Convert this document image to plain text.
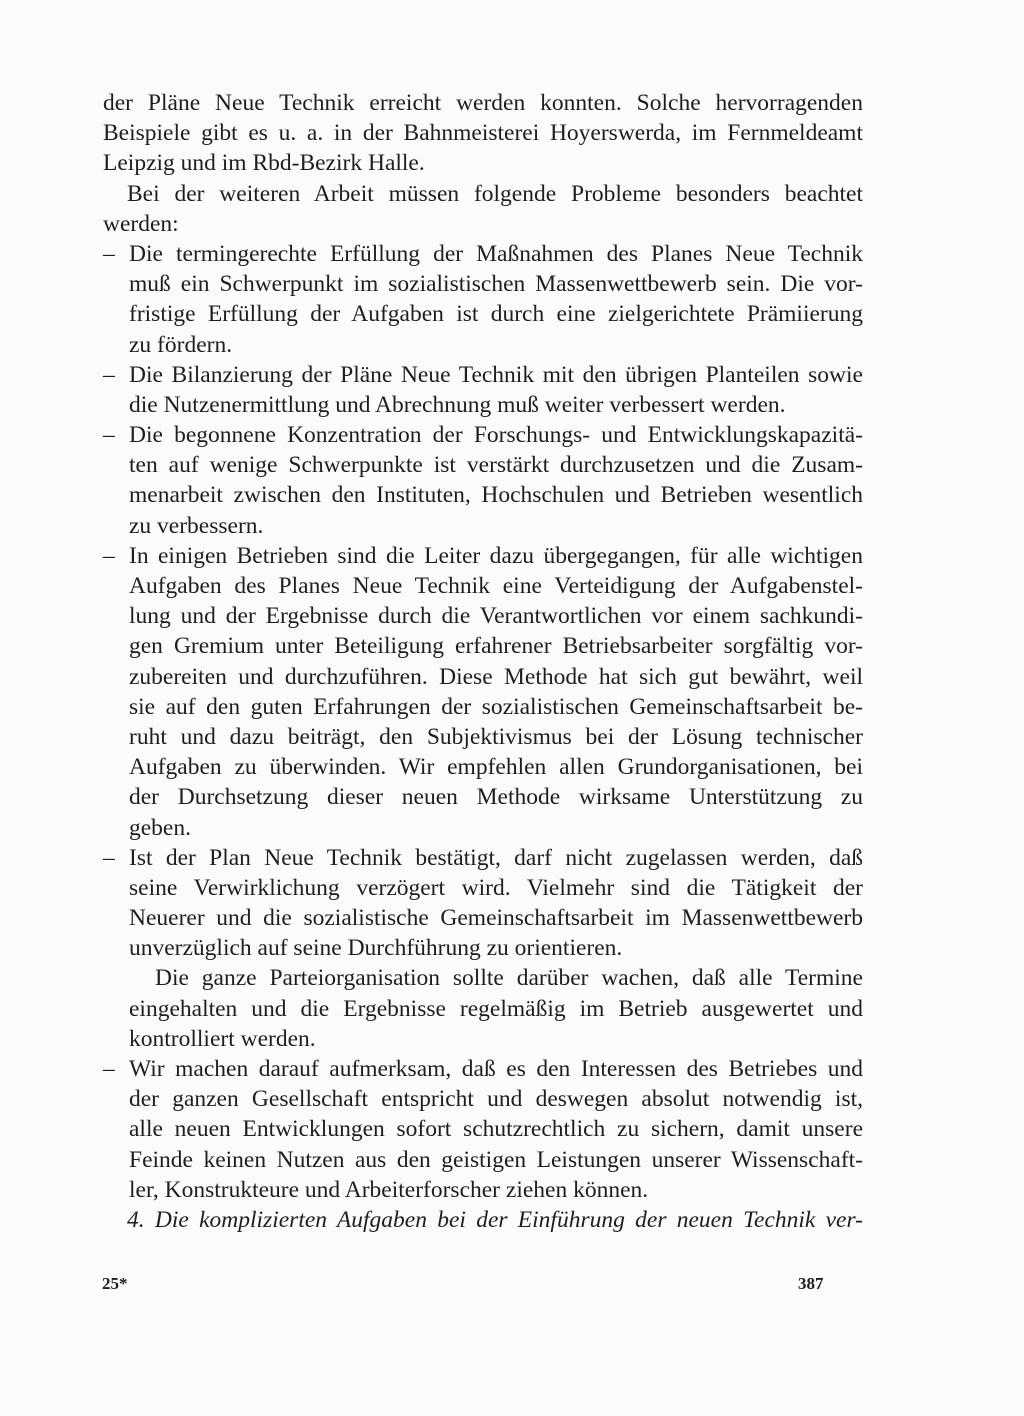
der Pläne Neue Technik erreicht werden konnten. Solche hervorragenden
Beispiele gibt es u. a. in der Bahnmeisterei Hoyerswerda, im Fernmeldeamt
Leipzig und im Rbd-Bezirk Halle.
Bei der weiteren Arbeit müssen folgende Probleme besonders beachtet
werden:
– Die termingerechte Erfüllung der Maßnahmen des Planes Neue Technik
muß ein Schwerpunkt im sozialistischen Massenwettbewerb sein. Die vor-
fristige Erfüllung der Aufgaben ist durch eine zielgerichtete Prämiierung
zu fördern.
– Die Bilanzierung der Pläne Neue Technik mit den übrigen Planteilen sowie
die Nutzenermittlung und Abrechnung muß weiter verbessert werden.
– Die begonnene Konzentration der Forschungs- und Entwicklungskapazitä-
ten auf wenige Schwerpunkte ist verstärkt durchzusetzen und die Zusam-
menarbeit zwischen den Instituten, Hochschulen und Betrieben wesentlich
zu verbessern.
– In einigen Betrieben sind die Leiter dazu übergegangen, für alle wichtigen
Aufgaben des Planes Neue Technik eine Verteidigung der Aufgabenstel-
lung und der Ergebnisse durch die Verantwortlichen vor einem sachkundi-
gen Gremium unter Beteiligung erfahrener Betriebsarbeiter sorgfältig vor-
zubereiten und durchzuführen. Diese Methode hat sich gut bewährt, weil
sie auf den guten Erfahrungen der sozialistischen Gemeinschaftsarbeit be-
ruht und dazu beiträgt, den Subjektivismus bei der Lösung technischer
Aufgaben zu überwinden. Wir empfehlen allen Grundorganisationen, bei
der Durchsetzung dieser neuen Methode wirksame Unterstützung zu
geben.
– Ist der Plan Neue Technik bestätigt, darf nicht zugelassen werden, daß
seine Verwirklichung verzögert wird. Vielmehr sind die Tätigkeit der
Neuerer und die sozialistische Gemeinschaftsarbeit im Massenwettbewerb
unverzüglich auf seine Durchführung zu orientieren.
Die ganze Parteiorganisation sollte darüber wachen, daß alle Termine
eingehalten und die Ergebnisse regelmäßig im Betrieb ausgewertet und
kontrolliert werden.
– Wir machen darauf aufmerksam, daß es den Interessen des Betriebes und
der ganzen Gesellschaft entspricht und deswegen absolut notwendig ist,
alle neuen Entwicklungen sofort schutzrechtlich zu sichern, damit unsere
Feinde keinen Nutzen aus den geistigen Leistungen unserer Wissenschaft-
ler, Konstrukteure und Arbeiterforscher ziehen können.
4. Die komplizierten Aufgaben bei der Einführung der neuen Technik ver-
25*	387
